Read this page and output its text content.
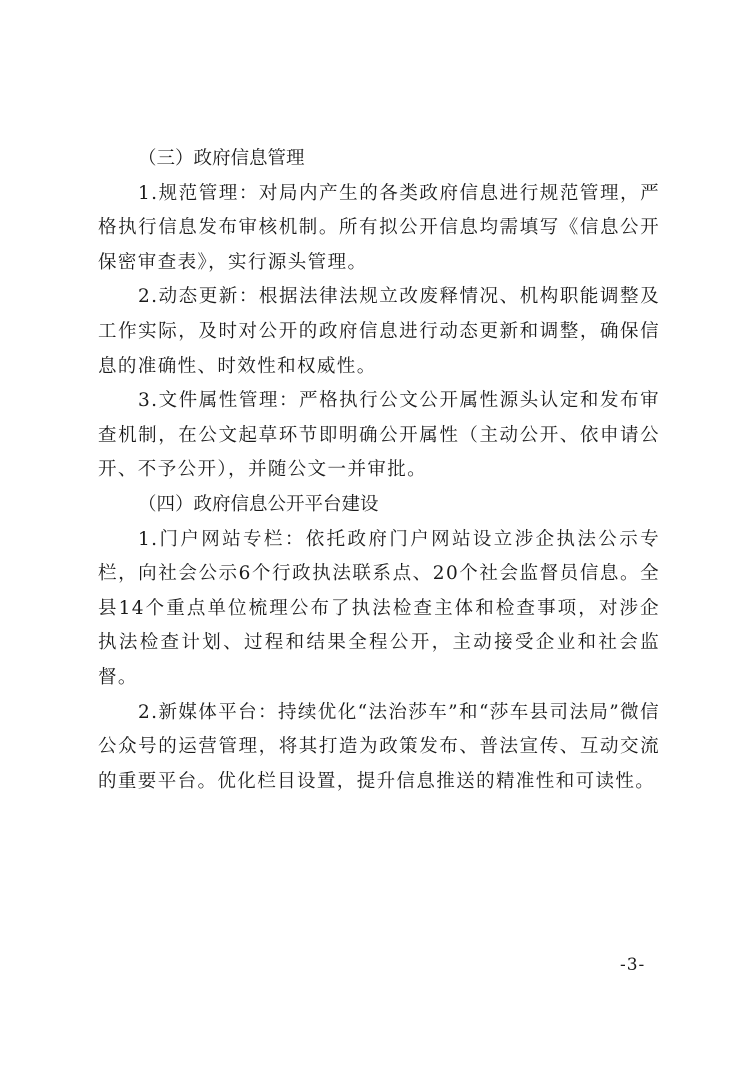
（三）政府信息管理

1.规范管理：对局内产生的各类政府信息进行规范管理，严格执行信息发布审核机制。所有拟公开信息均需填写《信息公开保密审查表》，实行源头管理。

2.动态更新：根据法律法规立改废释情况、机构职能调整及工作实际，及时对公开的政府信息进行动态更新和调整，确保信息的准确性、时效性和权威性。

3.文件属性管理：严格执行公文公开属性源头认定和发布审查机制，在公文起草环节即明确公开属性（主动公开、依申请公开、不予公开），并随公文一并审批。

（四）政府信息公开平台建设

1.门户网站专栏：依托政府门户网站设立涉企执法公示专栏，向社会公示6个行政执法联系点、20个社会监督员信息。全县14个重点单位梳理公布了执法检查主体和检查事项，对涉企执法检查计划、过程和结果全程公开，主动接受企业和社会监督。

2.新媒体平台：持续优化“法治莎车”和“莎车县司法局”微信公众号的运营管理，将其打造为政策发布、普法宣传、互动交流的重要平台。优化栏目设置，提升信息推送的精准性和可读性。

-3-
